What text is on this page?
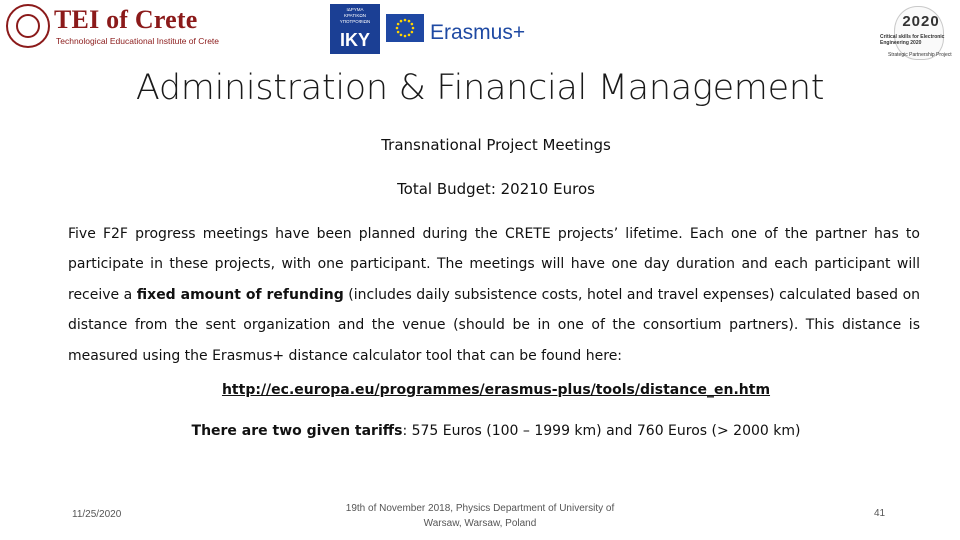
TEI of Crete
Technological Educational Institute of Crete
ΙΔΡΥΜΑ
ΚΡΑΤΙΚΩΝ
ΥΠΟΤΡΟΦΙΩΝ
IKY	Erasmus+	2020
Critical skills for Electronic
Engineering 2020
Strategic Partnership Project
Administration & Financial Management
Transnational Project Meetings
Total Budget: 20210 Euros
Five F2F progress meetings have been planned during the CRETE projects’ lifetime. Each one of the partner has to participate in these projects, with one participant. The meetings will have one day duration and each participant will receive a fixed amount of refunding (includes daily subsistence costs, hotel and travel expenses) calculated based on distance from the sent organization and the venue (should be in one of the consortium partners). This distance is measured using the Erasmus+ distance calculator tool that can be found here:
http://ec.europa.eu/programmes/erasmus-plus/tools/distance_en.htm
There are two given tariffs: 575 Euros (100 – 1999 km) and 760 Euros (> 2000 km)
11/25/2020
19th of November 2018, Physics Department of University of
Warsaw, Warsaw, Poland
41
